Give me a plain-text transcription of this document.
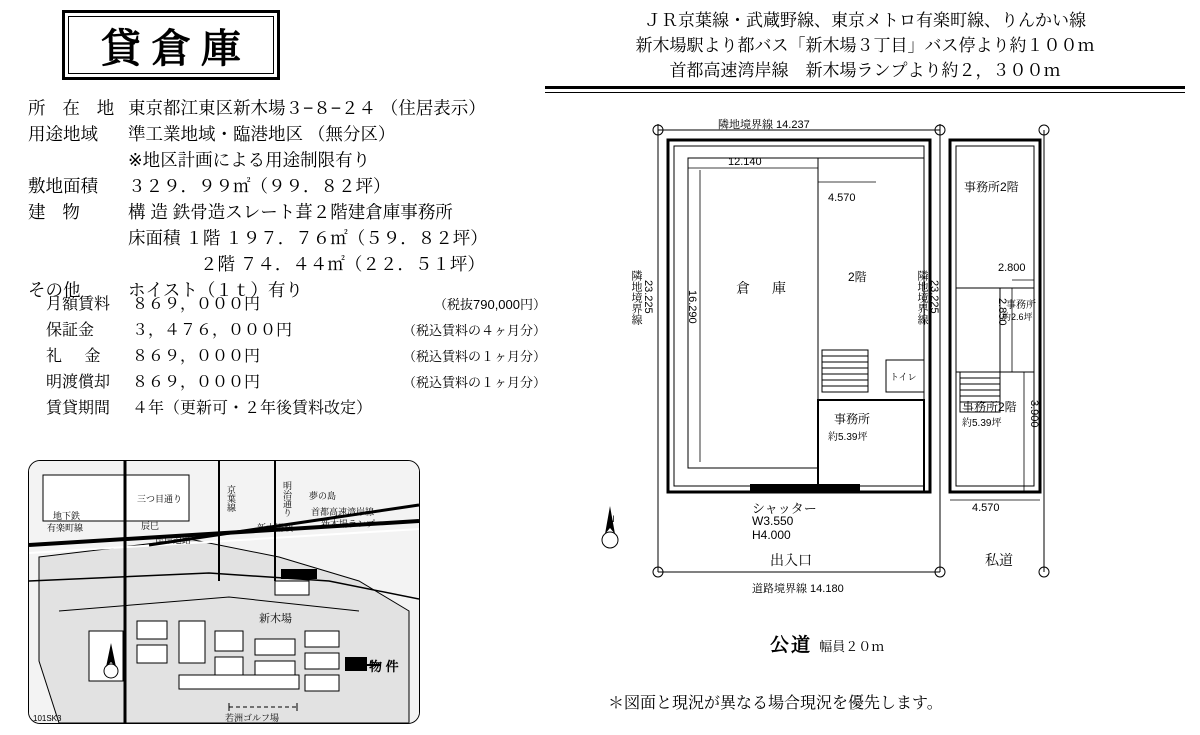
貸倉庫
所 在 地 東京都江東区新木場３−８−２４ （住居表示）
用途地域	準工業地域・臨港地区 （無分区）
※地区計画による用途制限有り
敷地面積	３２９．９９㎡（９９．８２坪）
建 物	構 造 鉄骨造スレート葺２階建倉庫事務所
床面積 １階 １９７．７６㎡（５９．８２坪）
２階 ７４．４４㎡（２２．５１坪）
その他	ホイスト（１ｔ）有り
月額賃料	８６９，０００円	（税抜790,000円）
保証金	３，４７６，０００円	（税込賃料の４ヶ月分）
礼 金	８６９，０００円	（税込賃料の１ヶ月分）
明渡償却	８６９，０００円	（税込賃料の１ヶ月分）
賃貸期間	４年（更新可・２年後賃料改定）
三つ目通り
辰巳
京葉線	明治通り 夢の島
地下鉄
有楽町線
首都高速湾岸線
新木場ランプ
新木場駅
岸岸道路
新木場
若洲ゴルフ場
物 件
101SK3
ＪＲ京葉線・武蔵野線、東京メトロ有楽町線、りんかい線
新木場駅より都バス「新木場３丁目」バス停より約１００ｍ
首都高速湾岸線　新木場ランプより約２，３００ｍ
隣地境界線 14.237
隣地境界線 23.225	隣地境界線 23.225
12.140
16.290
4.570
倉　庫
2階
事務所
約5.39坪
トイレ
事務所2階
事務所
約2.6坪
2.800
2.850
3.900
4.570
事務所2階
約5.39坪
シャッター
W3.550
H4.000
N
道路境界線 14.180
出入口	私道
公道 幅員２０ｍ
＊図面と現況が異なる場合現況を優先します。
